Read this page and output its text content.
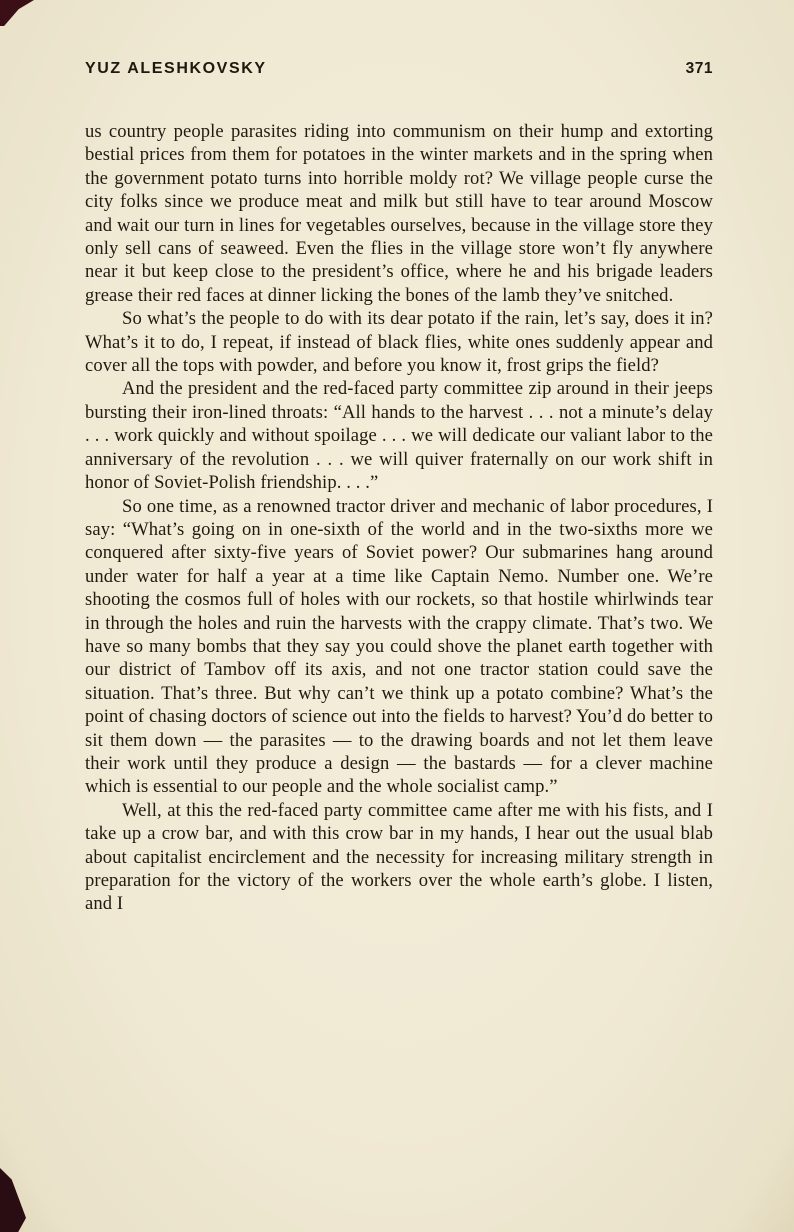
YUZ ALESHKOVSKY	371

us country people parasites riding into communism on their hump and extorting bestial prices from them for potatoes in the winter markets and in the spring when the government potato turns into horrible moldy rot? We village people curse the city folks since we produce meat and milk but still have to tear around Moscow and wait our turn in lines for vegetables ourselves, because in the village store they only sell cans of seaweed. Even the flies in the village store won’t fly anywhere near it but keep close to the president’s office, where he and his brigade leaders grease their red faces at dinner licking the bones of the lamb they’ve snitched.

So what’s the people to do with its dear potato if the rain, let’s say, does it in? What’s it to do, I repeat, if instead of black flies, white ones suddenly appear and cover all the tops with powder, and before you know it, frost grips the field?

And the president and the red-faced party committee zip around in their jeeps bursting their iron-lined throats: “All hands to the harvest . . . not a minute’s delay . . . work quickly and without spoilage . . . we will dedicate our valiant labor to the anniversary of the revolution . . . we will quiver fraternally on our work shift in honor of Soviet-Polish friendship. . . .”

So one time, as a renowned tractor driver and mechanic of labor procedures, I say: “What’s going on in one-sixth of the world and in the two-sixths more we conquered after sixty-five years of Soviet power? Our submarines hang around under water for half a year at a time like Captain Nemo. Number one. We’re shooting the cosmos full of holes with our rockets, so that hostile whirlwinds tear in through the holes and ruin the harvests with the crappy climate. That’s two. We have so many bombs that they say you could shove the planet earth together with our district of Tambov off its axis, and not one tractor station could save the situation. That’s three. But why can’t we think up a potato combine? What’s the point of chasing doctors of science out into the fields to harvest? You’d do better to sit them down — the parasites — to the drawing boards and not let them leave their work until they produce a design — the bastards — for a clever machine which is essential to our people and the whole socialist camp.”

Well, at this the red-faced party committee came after me with his fists, and I take up a crow bar, and with this crow bar in my hands, I hear out the usual blab about capitalist encirclement and the necessity for increasing military strength in preparation for the victory of the workers over the whole earth’s globe. I listen, and I
